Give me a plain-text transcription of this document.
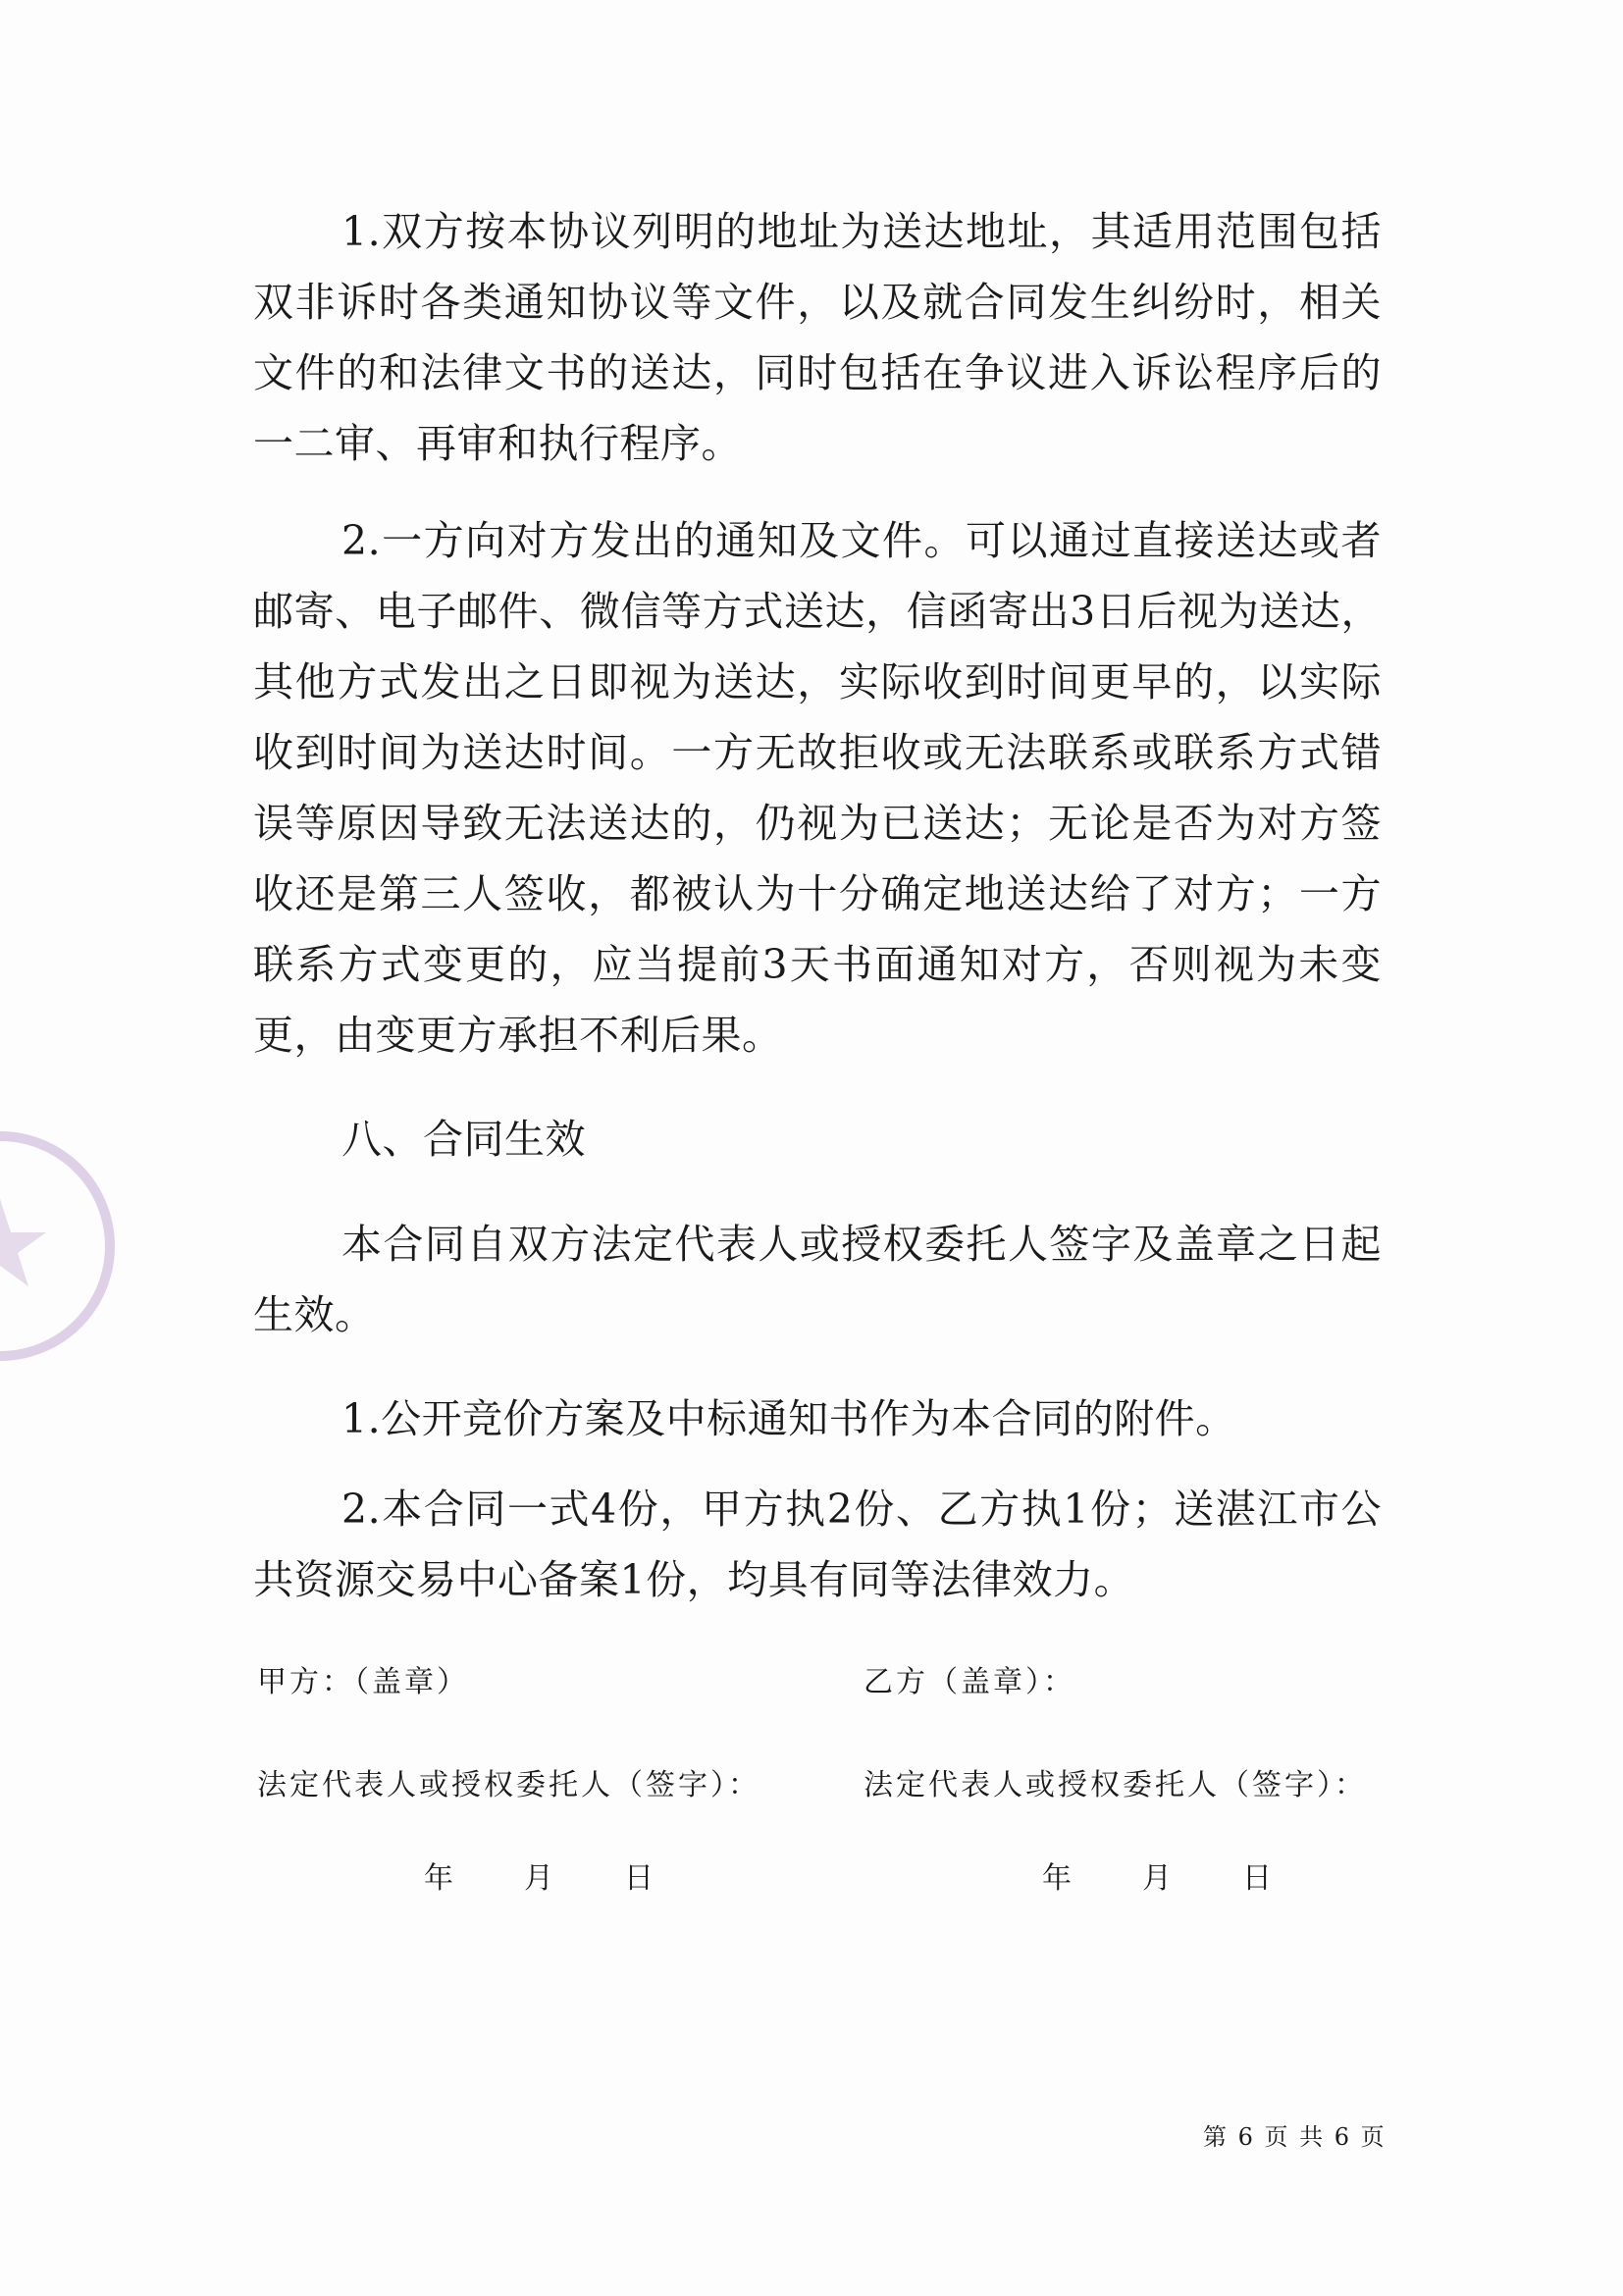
1.双方按本协议列明的地址为送达地址，其适用范围包括双非诉时各类通知协议等文件，以及就合同发生纠纷时，相关文件的和法律文书的送达，同时包括在争议进入诉讼程序后的一二审、再审和执行程序。

2.一方向对方发出的通知及文件。可以通过直接送达或者邮寄、电子邮件、微信等方式送达，信函寄出3日后视为送达，其他方式发出之日即视为送达，实际收到时间更早的，以实际收到时间为送达时间。一方无故拒收或无法联系或联系方式错误等原因导致无法送达的，仍视为已送达；无论是否为对方签收还是第三人签收，都被认为十分确定地送达给了对方；一方联系方式变更的，应当提前3天书面通知对方，否则视为未变更，由变更方承担不利后果。

八、合同生效

本合同自双方法定代表人或授权委托人签字及盖章之日起生效。

1.公开竞价方案及中标通知书作为本合同的附件。

2.本合同一式4份，甲方执2份、乙方执1份；送湛江市公共资源交易中心备案1份，均具有同等法律效力。

甲方：（盖章）	乙方（盖章）：
法定代表人或授权委托人（签字）：	法定代表人或授权委托人（签字）：
年 月 日	年 月 日
第 6 页 共 6 页
